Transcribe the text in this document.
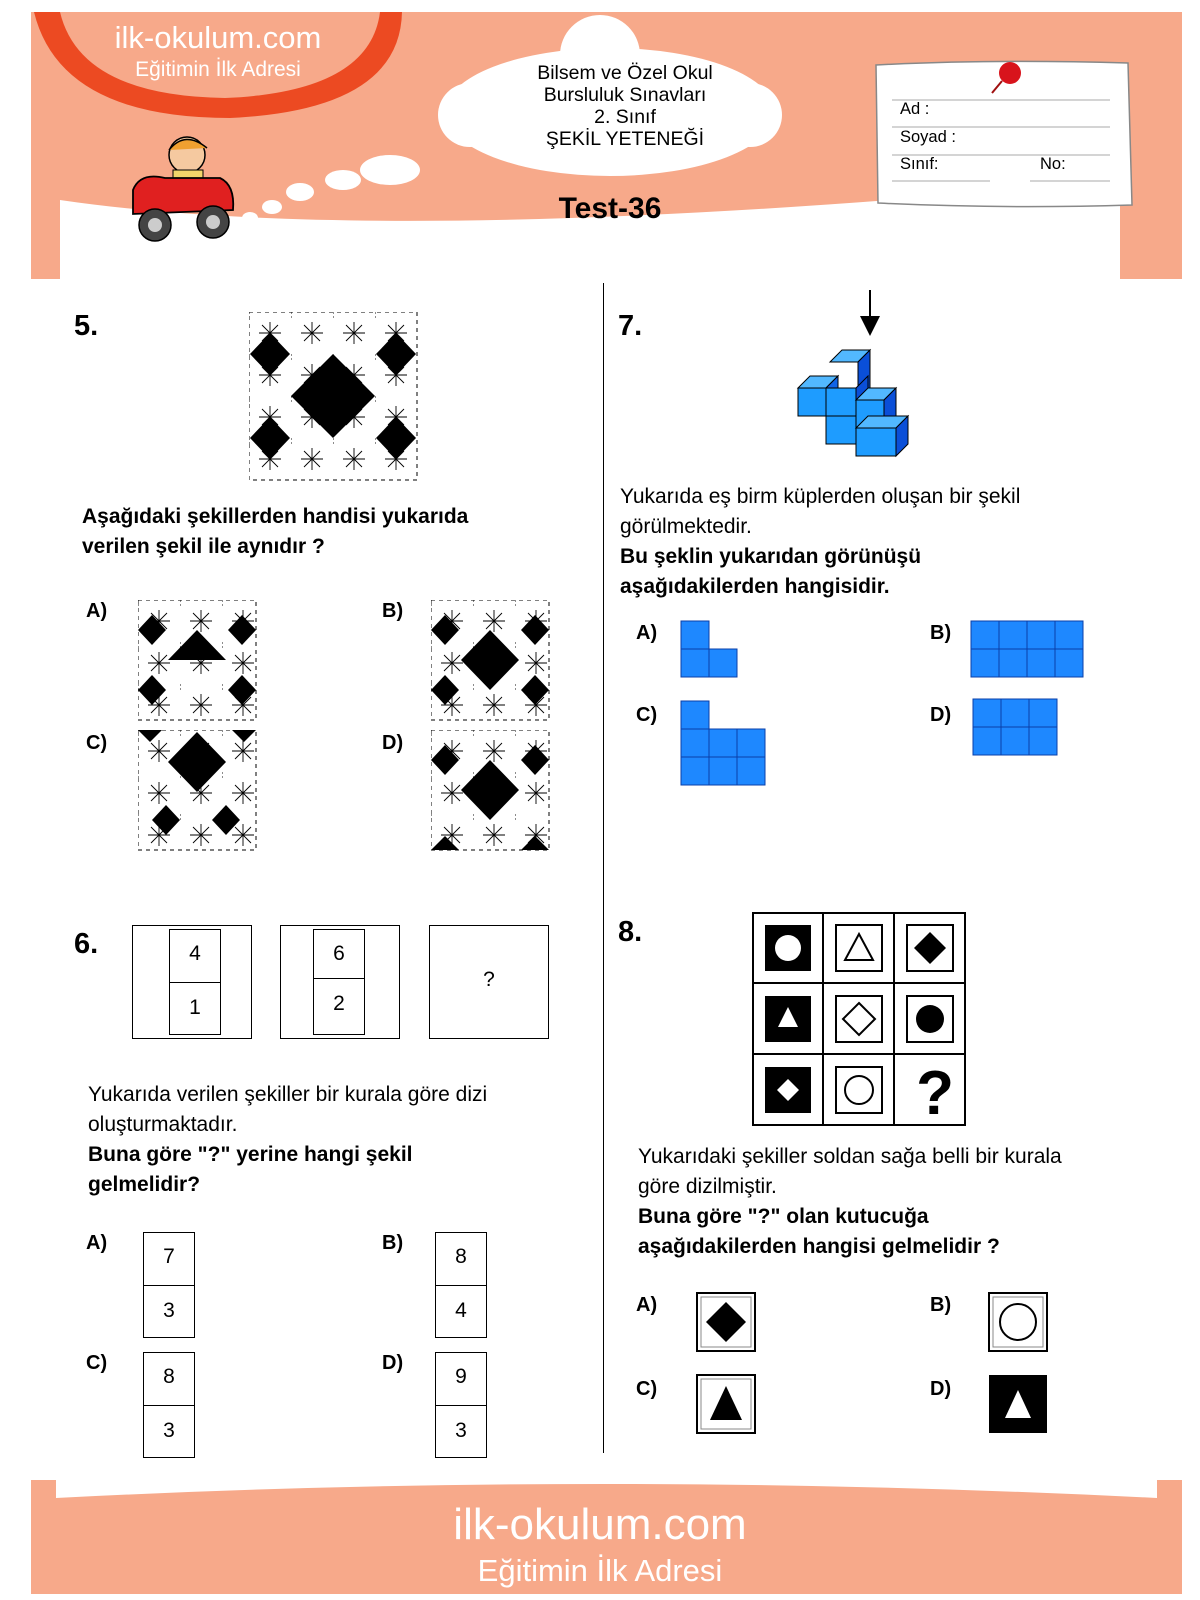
ilk-okulum.com
Eğitimin İlk Adresi	Bilsem ve Özel Okul
Bursluluk Sınavları
2. Sınıf
ŞEKİL YETENEĞİ
Test-36
Ad :
Soyad :
Sınıf:	No:
5.
Aşağıdaki şekillerden handisi yukarıda
verilen şekil ile aynıdır ?
A)	B)
C)	D)
6.	4
1
6
2
?
Yukarıda verilen şekiller bir kurala göre dizi
oluşturmaktadır.
Buna göre "?" yerine hangi şekil
gelmelidir?
A)
7
3
B)
8
4
C)
8
3
D)
9
3
7.
Yukarıda eş birm küplerden oluşan bir şekil
görülmektedir.
Bu şeklin yukarıdan görünüşü
aşağıdakilerden hangisidir.
A)	B)
C)	D)
8.
?
Yukarıdaki şekiller soldan sağa belli bir kurala
göre dizilmiştir.
Buna göre "?" olan kutucuğa
aşağıdakilerden hangisi gelmelidir ?
A)	B)
C)	D)
ilk-okulum.com
Eğitimin İlk Adresi
